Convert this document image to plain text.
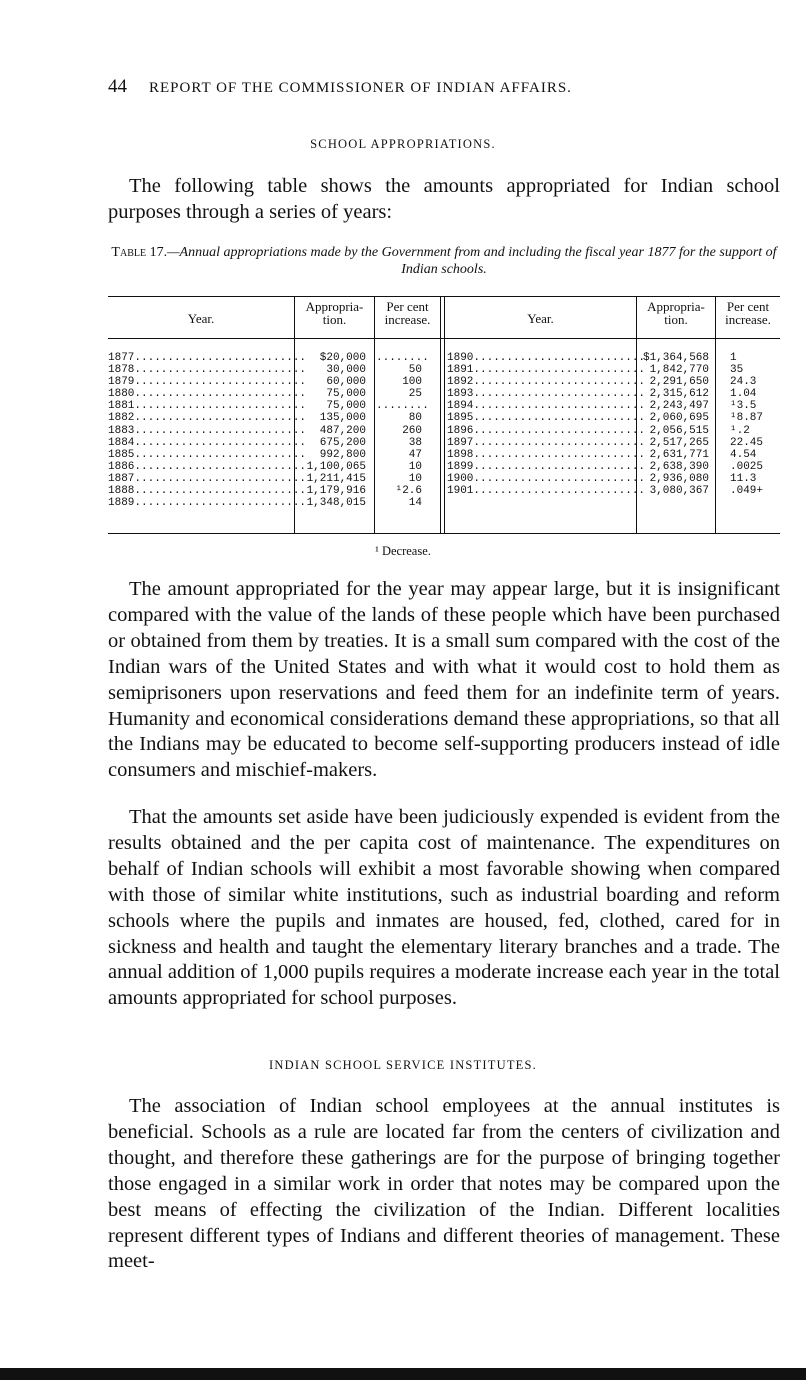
44 REPORT OF THE COMMISSIONER OF INDIAN AFFAIRS.
SCHOOL APPROPRIATIONS.

The following table shows the amounts appropriated for Indian school purposes through a series of years:

Table 17.—Annual appropriations made by the Government from and including the fiscal year 1877 for the support of Indian schools.
Year.
Appropria- tion.
Per cent increase.	Year.
Appropria- tion.
Per cent increase.
1877..........................
1878..........................
1879..........................
1880..........................
1881..........................
1882..........................
1883..........................
1884..........................
1885..........................
1886..........................
1887..........................
1888..........................
1889..........................
$20,000
30,000
60,000
75,000
75,000
135,000
487,200
675,200
992,800
1,100,065
1,211,415
1,179,916
1,348,015
........
50
100
25
........
80
260
38
47
10
10
¹2.6
14
1890..........................
1891..........................
1892..........................
1893..........................
1894..........................
1895..........................
1896..........................
1897..........................
1898..........................
1899..........................
1900..........................
1901..........................
$1,364,568
1,842,770
2,291,650
2,315,612
2,243,497
2,060,695
2,056,515
2,517,265
2,631,771
2,638,390
2,936,080
3,080,367
1
35
24.3
1.04
¹3.5
¹8.87
¹.2
22.45
4.54
.0025
11.3
.049+
¹ Decrease.

The amount appropriated for the year may appear large, but it is insignificant compared with the value of the lands of these people which have been purchased or obtained from them by treaties. It is a small sum compared with the cost of the Indian wars of the United States and with what it would cost to hold them as semiprisoners upon reservations and feed them for an indefinite term of years. Humanity and economical considerations demand these appropriations, so that all the Indians may be educated to become self-supporting producers instead of idle consumers and mischief-makers.

That the amounts set aside have been judiciously expended is evident from the results obtained and the per capita cost of maintenance. The expenditures on behalf of Indian schools will exhibit a most favorable showing when compared with those of similar white institutions, such as industrial boarding and reform schools where the pupils and inmates are housed, fed, clothed, cared for in sickness and health and taught the elementary literary branches and a trade. The annual addition of 1,000 pupils requires a moderate increase each year in the total amounts appropriated for school purposes.

INDIAN SCHOOL SERVICE INSTITUTES.

The association of Indian school employees at the annual institutes is beneficial. Schools as a rule are located far from the centers of civilization and thought, and therefore these gatherings are for the purpose of bringing together those engaged in a similar work in order that notes may be compared upon the best means of effecting the civilization of the Indian. Different localities represent different types of Indians and different theories of management. These meet-
